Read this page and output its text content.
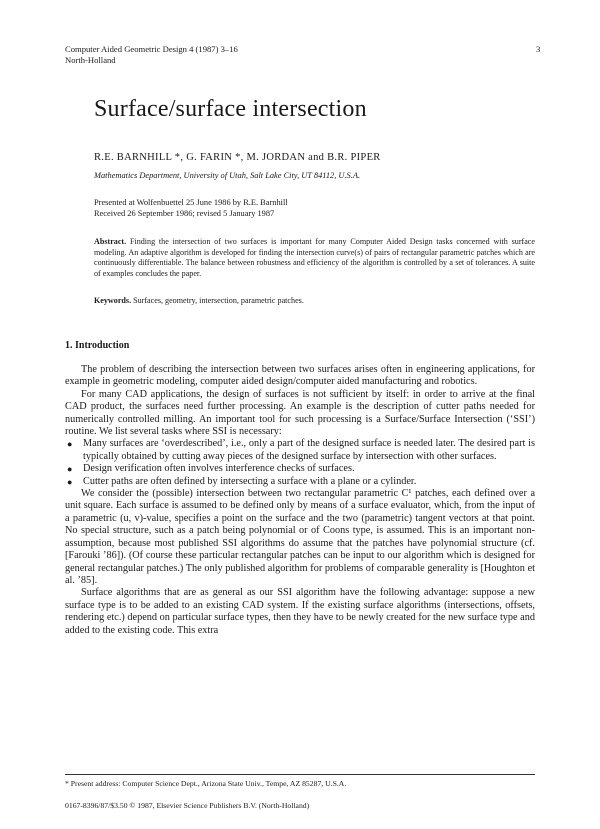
Computer Aided Geometric Design 4 (1987) 3–16
North-Holland
3
Surface/surface intersection
R.E. BARNHILL *, G. FARIN *, M. JORDAN and B.R. PIPER
Mathematics Department, University of Utah, Salt Lake City, UT 84112, U.S.A.
Presented at Wolfenbuettel 25 June 1986 by R.E. Barnhill
Received 26 September 1986; revised 5 January 1987

Abstract. Finding the intersection of two surfaces is important for many Computer Aided Design tasks concerned with surface modeling. An adaptive algorithm is developed for finding the intersection curve(s) of pairs of rectangular parametric patches which are continuously differentiable. The balance between robustness and efficiency of the algorithm is controlled by a set of tolerances. A suite of examples concludes the paper.

Keywords. Surfaces, geometry, intersection, parametric patches.

1. Introduction

The problem of describing the intersection between two surfaces arises often in engineering applications, for example in geometric modeling, computer aided design/computer aided manufacturing and robotics.

For many CAD applications, the design of surfaces is not sufficient by itself: in order to arrive at the final CAD product, the surfaces need further processing. An example is the description of cutter paths needed for numerically controlled milling. An important tool for such processing is a Surface/Surface Intersection (‘SSI’) routine. We list several tasks where SSI is necessary:

●	Many surfaces are ‘overdescribed’, i.e., only a part of the designed surface is needed later. The desired part is typically obtained by cutting away pieces of the designed surface by intersection with other surfaces.
●	Design verification often involves interference checks of surfaces.
●	Cutter paths are often defined by intersecting a surface with a plane or a cylinder.

We consider the (possible) intersection between two rectangular parametric C¹ patches, each defined over a unit square. Each surface is assumed to be defined only by means of a surface evaluator, which, from the input of a parametric (u, v)-value, specifies a point on the surface and the two (parametric) tangent vectors at that point. No special structure, such as a patch being polynomial or of Coons type, is assumed. This is an important non-assumption, because most published SSI algorithms do assume that the patches have polynomial structure (cf. [Farouki ’86]). (Of course these particular rectangular patches can be input to our algorithm which is designed for general rectangular patches.) The only published algorithm for problems of comparable generality is [Houghton et al. ’85].

Surface algorithms that are as general as our SSI algorithm have the following advantage: suppose a new surface type is to be added to an existing CAD system. If the existing surface algorithms (intersections, offsets, rendering etc.) depend on particular surface types, then they have to be newly created for the new surface type and added to the existing code. This extra

* Present address: Computer Science Dept., Arizona State Univ., Tempe, AZ 85287, U.S.A.
0167-8396/87/$3.50 © 1987, Elsevier Science Publishers B.V. (North-Holland)
